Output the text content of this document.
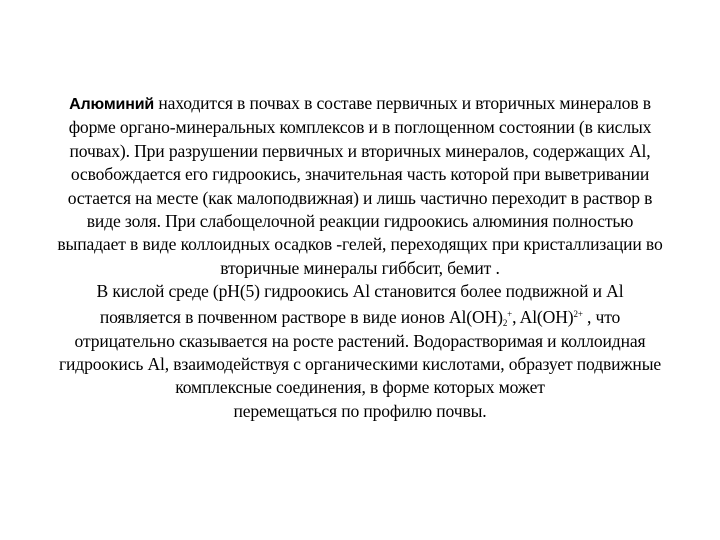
Алюминий находится в почвах в составе первичных и вторичных минералов в
форме органо-минеральных комплексов и в поглощенном состоянии (в кислых
почвах). При разрушении первичных и вторичных минералов, содержащих Al,
освобождается его гидроокись, значительная часть которой при выветривании
остается на месте (как малоподвижная) и лишь частично переходит в раствор в
виде золя. При слабощелочной реакции гидроокись алюминия полностью
выпадает в виде коллоидных осадков -гелей, переходящих при кристаллизации во
вторичные минералы гиббсит, бемит .

В кислой среде (pH(5) гидроокись Al становится более подвижной и Al
появляется в почвенном растворе в виде ионов Al(OH)2+, Al(OH)$^{2+}$ , что
отрицательно сказывается на росте растений. Водорастворимая и коллоидная
гидроокись Al, взаимодействуя с органическими кислотами, образует подвижные
комплексные соединения, в форме которых может
перемещаться по профилю почвы.
